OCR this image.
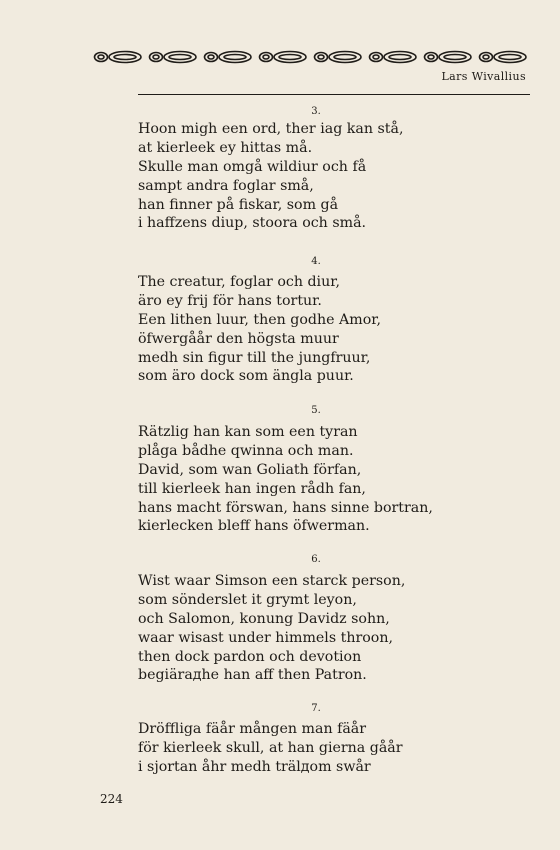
Lars Wivallius
3.
Hoon migh een ord, ther iag kan stå,
at kierleek ey hittas må.
Skulle man omgå wildiur och få
sampt andra foglar små,
han finner på fiskar, som gå
i haffzens diup, stoora och små.
4.
The creatur, foglar och diur,
äro ey frij för hans tortur.
Een lithen luur, then godhe Amor,
öfwergåår den högsta muur
medh sin figur till the jungfruur,
som äro dock som ängla puur.
5.
Rätzlig han kan som een tyran
plåga bådhe qwinna och man.
David, som wan Goliath förfan,
till kierleek han ingen rådh fan,
hans macht förswan, hans sinne bortran,
kierlecken bleff hans öfwerman.
6.
Wist waar Simson een starck person,
som sönderslet it grymt leyon,
och Salomon, konung Davidz sohn,
waar wisast under himmels throon,
then dock pardon och devotion
begiärадhe han aff then Patron.
7.
Dröffliga fäår mången man fäår
för kierleek skull, at han gierna gåår
i sjortan åhr medh trälдom swår
224
